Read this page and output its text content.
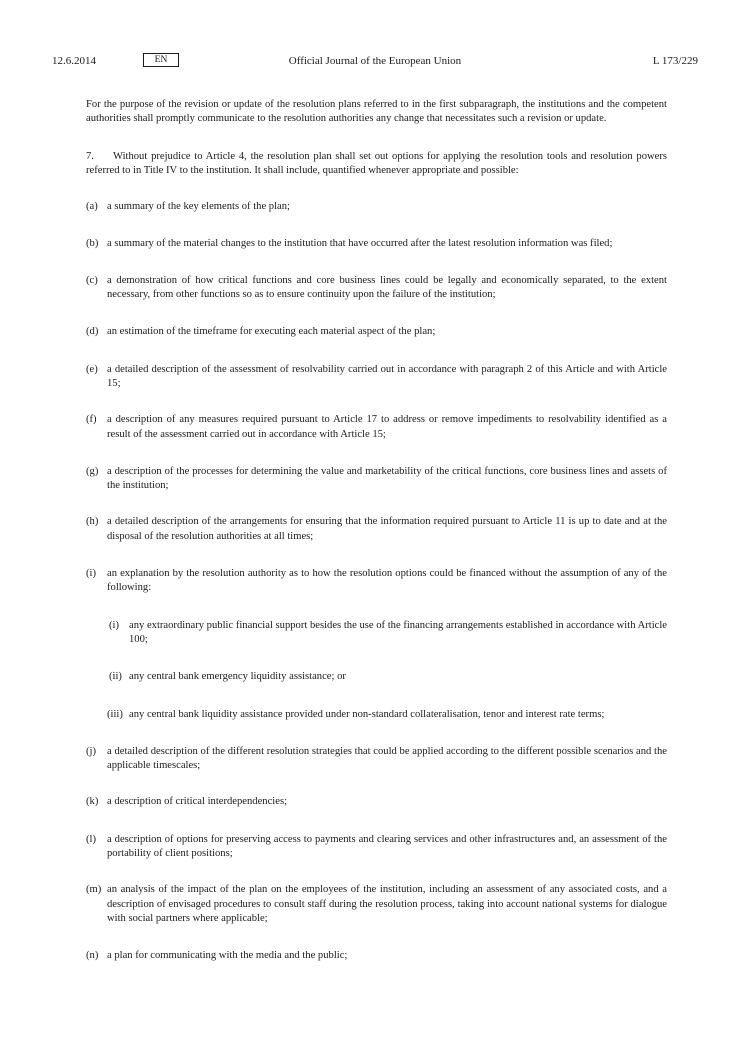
12.6.2014	EN	Official Journal of the European Union	L 173/229

For the purpose of the revision or update of the resolution plans referred to in the first subparagraph, the institutions and the competent authorities shall promptly communicate to the resolution authorities any change that necessitates such a revision or update.

7. Without prejudice to Article 4, the resolution plan shall set out options for applying the resolution tools and resolution powers referred to in Title IV to the institution. It shall include, quantified whenever appropriate and possible:
(a) a summary of the key elements of the plan;
(b) a summary of the material changes to the institution that have occurred after the latest resolution information was filed;
(c) a demonstration of how critical functions and core business lines could be legally and economically separated, to the extent necessary, from other functions so as to ensure continuity upon the failure of the institution;
(d) an estimation of the timeframe for executing each material aspect of the plan;
(e) a detailed description of the assessment of resolvability carried out in accordance with paragraph 2 of this Article and with Article 15;
(f) a description of any measures required pursuant to Article 17 to address or remove impediments to resolvability identified as a result of the assessment carried out in accordance with Article 15;
(g) a description of the processes for determining the value and marketability of the critical functions, core business lines and assets of the institution;
(h) a detailed description of the arrangements for ensuring that the information required pursuant to Article 11 is up to date and at the disposal of the resolution authorities at all times;
(i) an explanation by the resolution authority as to how the resolution options could be financed without the assumption of any of the following:
(i) any extraordinary public financial support besides the use of the financing arrangements established in accordance with Article 100;
(ii) any central bank emergency liquidity assistance; or
(iii) any central bank liquidity assistance provided under non-standard collateralisation, tenor and interest rate terms;
(j) a detailed description of the different resolution strategies that could be applied according to the different possible scenarios and the applicable timescales;
(k) a description of critical interdependencies;
(l) a description of options for preserving access to payments and clearing services and other infrastructures and, an assessment of the portability of client positions;
(m) an analysis of the impact of the plan on the employees of the institution, including an assessment of any associated costs, and a description of envisaged procedures to consult staff during the resolution process, taking into account national systems for dialogue with social partners where applicable;
(n) a plan for communicating with the media and the public;
